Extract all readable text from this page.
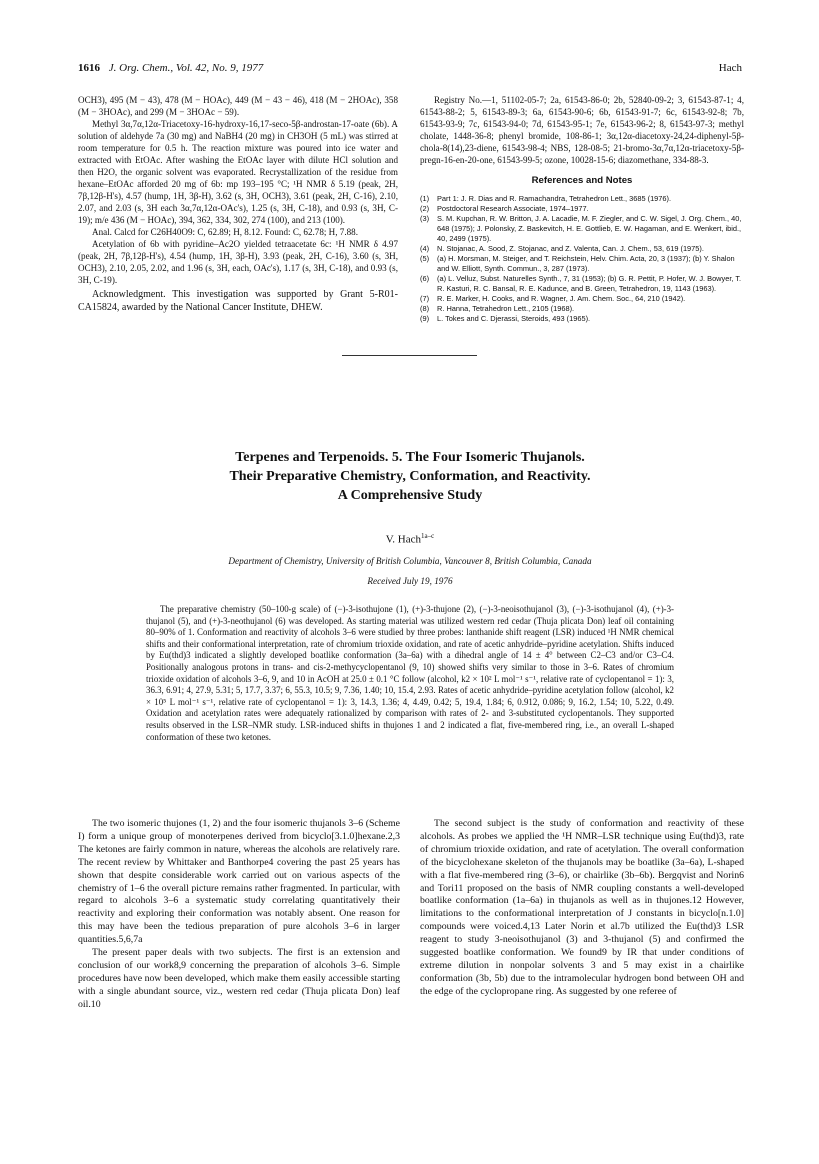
1616 J. Org. Chem., Vol. 42, No. 9, 1977	Hach

OCH3), 495 (M − 43), 478 (M − HOAc), 449 (M − 43 − 46), 418 (M − 2HOAc), 358 (M − 3HOAc), and 299 (M − 3HOAc − 59).

Methyl 3α,7α,12α-Triacetoxy-16-hydroxy-16,17-seco-5β-androstan-17-oate (6b). A solution of aldehyde 7a (30 mg) and NaBH4 (20 mg) in CH3OH (5 mL) was stirred at room temperature for 0.5 h. The reaction mixture was poured into ice water and extracted with EtOAc. After washing the EtOAc layer with dilute HCl solution and then H2O, the organic solvent was evaporated. Recrystallization of the residue from hexane–EtOAc afforded 20 mg of 6b: mp 193–195 °C; ¹H NMR δ 5.19 (peak, 2H, 7β,12β-H's), 4.57 (hump, 1H, 3β-H), 3.62 (s, 3H, OCH3), 3.61 (peak, 2H, C-16), 2.10, 2.07, and 2.03 (s, 3H each 3α,7α,12α-OAc's), 1.25 (s, 3H, C-18), and 0.93 (s, 3H, C-19); m/e 436 (M − HOAc), 394, 362, 334, 302, 274 (100), and 213 (100).

Anal. Calcd for C26H40O9: C, 62.89; H, 8.12. Found: C, 62.78; H, 7.88.

Acetylation of 6b with pyridine–Ac2O yielded tetraacetate 6c: ¹H NMR δ 4.97 (peak, 2H, 7β,12β-H's), 4.54 (hump, 1H, 3β-H), 3.93 (peak, 2H, C-16), 3.60 (s, 3H, OCH3), 2.10, 2.05, 2.02, and 1.96 (s, 3H, each, OAc's), 1.17 (s, 3H, C-18), and 0.93 (s, 3H, C-19).

Acknowledgment. This investigation was supported by Grant 5-R01-CA15824, awarded by the National Cancer Institute, DHEW.

Registry No.—1, 51102-05-7; 2a, 61543-86-0; 2b, 52840-09-2; 3, 61543-87-1; 4, 61543-88-2; 5, 61543-89-3; 6a, 61543-90-6; 6b, 61543-91-7; 6c, 61543-92-8; 7b, 61543-93-9; 7c, 61543-94-0; 7d, 61543-95-1; 7e, 61543-96-2; 8, 61543-97-3; methyl cholate, 1448-36-8; phenyl bromide, 108-86-1; 3α,12α-diacetoxy-24,24-diphenyl-5β-chola-8(14),23-diene, 61543-98-4; NBS, 128-08-5; 21-bromo-3α,7α,12α-triacetoxy-5β-pregn-16-en-20-one, 61543-99-5; ozone, 10028-15-6; diazomethane, 334-88-3.

References and Notes
(1) Part 1: J. R. Dias and R. Ramachandra, Tetrahedron Lett., 3685 (1976).
(2) Postdoctoral Research Associate, 1974–1977.
(3) S. M. Kupchan, R. W. Britton, J. A. Lacadie, M. F. Ziegler, and C. W. Sigel, J. Org. Chem., 40, 648 (1975); J. Polonsky, Z. Baskevitch, H. E. Gottlieb, E. W. Hagaman, and E. Wenkert, ibid., 40, 2499 (1975).
(4) N. Stojanac, A. Sood, Z. Stojanac, and Z. Valenta, Can. J. Chem., 53, 619 (1975).
(5) (a) H. Morsman, M. Steiger, and T. Reichstein, Helv. Chim. Acta, 20, 3 (1937); (b) Y. Shalon and W. Elliott, Synth. Commun., 3, 287 (1973).
(6) (a) L. Velluz, Subst. Naturelles Synth., 7, 31 (1953); (b) G. R. Pettit, P. Hofer, W. J. Bowyer, T. R. Kasturi, R. C. Bansal, R. E. Kadunce, and B. Green, Tetrahedron, 19, 1143 (1963).
(7) R. E. Marker, H. Cooks, and R. Wagner, J. Am. Chem. Soc., 64, 210 (1942).
(8) R. Hanna, Tetrahedron Lett., 2105 (1968).
(9) L. Tokes and C. Djerassi, Steroids, 493 (1965).
Terpenes and Terpenoids. 5. The Four Isomeric Thujanols.
Their Preparative Chemistry, Conformation, and Reactivity.
A Comprehensive Study
V. Hach$^{1a-c}$
Department of Chemistry, University of British Columbia, Vancouver 8, British Columbia, Canada
Received July 19, 1976
The preparative chemistry (50–100-g scale) of (−)-3-isothujone (1), (+)-3-thujone (2), (−)-3-neoisothujanol (3), (−)-3-isothujanol (4), (+)-3-thujanol (5), and (+)-3-neothujanol (6) was developed. As starting material was utilized western red cedar (Thuja plicata Don) leaf oil containing 80–90% of 1. Conformation and reactivity of alcohols 3–6 were studied by three probes: lanthanide shift reagent (LSR) induced ¹H NMR chemical shifts and their conformational interpretation, rate of chromium trioxide oxidation, and rate of acetic anhydride–pyridine acetylation. Shifts induced by Eu(thd)3 indicated a slightly developed boatlike conformation (3a–6a) with a dihedral angle of 14 ± 4° between C2–C3 and/or C3–C4. Positionally analogous protons in trans- and cis-2-methycyclopentanol (9, 10) showed shifts very similar to those in 3–6. Rates of chromium trioxide oxidation of alcohols 3–6, 9, and 10 in AcOH at 25.0 ± 0.1 °C follow (alcohol, k2 × 10² L mol⁻¹ s⁻¹, relative rate of cyclopentanol = 1): 3, 36.3, 6.91; 4, 27.9, 5.31; 5, 17.7, 3.37; 6, 55.3, 10.5; 9, 7.36, 1.40; 10, 15.4, 2.93. Rates of acetic anhydride–pyridine acetylation follow (alcohol, k2 × 10⁵ L mol⁻¹ s⁻¹, relative rate of cyclopentanol = 1): 3, 14.3, 1.36; 4, 4.49, 0.42; 5, 19.4, 1.84; 6, 0.912, 0.086; 9, 16.2, 1.54; 10, 5.22, 0.49. Oxidation and acetylation rates were adequately rationalized by comparison with rates of 2- and 3-substituted cyclopentanols. They supported results observed in the LSR–NMR study. LSR-induced shifts in thujones 1 and 2 indicated a flat, five-membered ring, i.e., an overall L-shaped conformation of these two ketones.

The two isomeric thujones (1, 2) and the four isomeric thujanols 3–6 (Scheme I) form a unique group of monoterpenes derived from bicyclo[3.1.0]hexane.2,3 The ketones are fairly common in nature, whereas the alcohols are relatively rare. The recent review by Whittaker and Banthorpe4 covering the past 25 years has shown that despite considerable work carried out on various aspects of the chemistry of 1–6 the overall picture remains rather fragmented. In particular, with regard to alcohols 3–6 a systematic study correlating quantitatively their reactivity and exploring their conformation was notably absent. One reason for this may have been the tedious preparation of pure alcohols 3–6 in larger quantities.5,6,7a

The present paper deals with two subjects. The first is an extension and conclusion of our work8,9 concerning the preparation of alcohols 3–6. Simple procedures have now been developed, which make them easily accessible starting with a single abundant source, viz., western red cedar (Thuja plicata Don) leaf oil.10

The second subject is the study of conformation and reactivity of these alcohols. As probes we applied the ¹H NMR–LSR technique using Eu(thd)3, rate of chromium trioxide oxidation, and rate of acetylation. The overall conformation of the bicyclohexane skeleton of the thujanols may be boatlike (3a–6a), L-shaped with a flat five-membered ring (3–6), or chairlike (3b–6b). Bergqvist and Norin6 and Tori11 proposed on the basis of NMR coupling constants a well-developed boatlike conformation (1a–6a) in thujanols as well as in thujones.12 However, limitations to the conformational interpretation of J constants in bicyclo[n.1.0] compounds were voiced.4,13 Later Norin et al.7b utilized the Eu(thd)3 LSR reagent to study 3-neoisothujanol (3) and 3-thujanol (5) and confirmed the suggested boatlike conformation. We found9 by IR that under conditions of extreme dilution in nonpolar solvents 3 and 5 may exist in a chairlike conformation (3b, 5b) due to the intramolecular hydrogen bond between OH and the edge of the cyclopropane ring. As suggested by one referee of
